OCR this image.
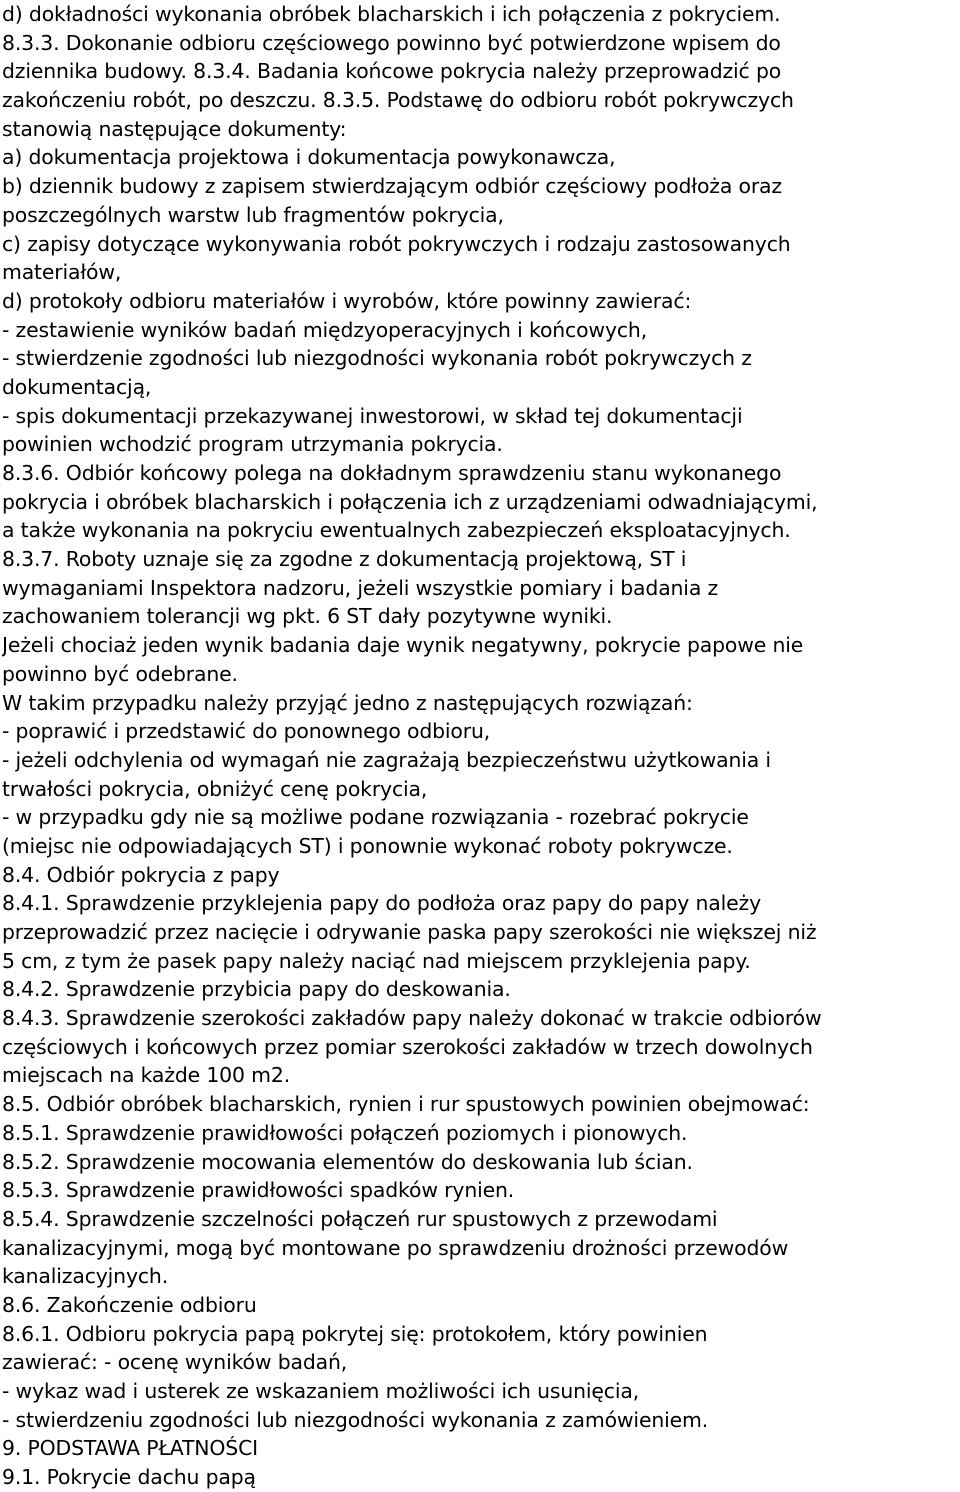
d) dokładności wykonania obróbek blacharskich i ich połączenia z pokryciem.
8.3.3. Dokonanie odbioru częściowego powinno być potwierdzone wpisem do
dziennika budowy. 8.3.4. Badania końcowe pokrycia należy przeprowadzić po
zakończeniu robót, po deszczu. 8.3.5. Podstawę do odbioru robót pokrywczych
stanowią następujące dokumenty:
a) dokumentacja projektowa i dokumentacja powykonawcza,
b) dziennik budowy z zapisem stwierdzającym odbiór częściowy podłoża oraz
poszczególnych warstw lub fragmentów pokrycia,
c) zapisy dotyczące wykonywania robót pokrywczych i rodzaju zastosowanych
materiałów,
d) protokoły odbioru materiałów i wyrobów, które powinny zawierać:
- zestawienie wyników badań międzyoperacyjnych i końcowych,
- stwierdzenie zgodności lub niezgodności wykonania robót pokrywczych z
dokumentacją,
- spis dokumentacji przekazywanej inwestorowi, w skład tej dokumentacji
powinien wchodzić program utrzymania pokrycia.
8.3.6. Odbiór końcowy polega na dokładnym sprawdzeniu stanu wykonanego
pokrycia i obróbek blacharskich i połączenia ich z urządzeniami odwadniającymi,
a także wykonania na pokryciu ewentualnych zabezpieczeń eksploatacyjnych.
8.3.7. Roboty uznaje się za zgodne z dokumentacją projektową, ST i
wymaganiami Inspektora nadzoru, jeżeli wszystkie pomiary i badania z
zachowaniem tolerancji wg pkt. 6 ST dały pozytywne wyniki.
Jeżeli chociaż jeden wynik badania daje wynik negatywny, pokrycie papowe nie
powinno być odebrane.
W takim przypadku należy przyjąć jedno z następujących rozwiązań:
- poprawić i przedstawić do ponownego odbioru,
- jeżeli odchylenia od wymagań nie zagrażają bezpieczeństwu użytkowania i
trwałości pokrycia, obniżyć cenę pokrycia,
- w przypadku gdy nie są możliwe podane rozwiązania - rozebrać pokrycie
(miejsc nie odpowiadających ST) i ponownie wykonać roboty pokrywcze.
8.4. Odbiór pokrycia z papy
8.4.1. Sprawdzenie przyklejenia papy do podłoża oraz papy do papy należy
przeprowadzić przez nacięcie i odrywanie paska papy szerokości nie większej niż
5 cm, z tym że pasek papy należy naciąć nad miejscem przyklejenia papy.
8.4.2. Sprawdzenie przybicia papy do deskowania.
8.4.3. Sprawdzenie szerokości zakładów papy należy dokonać w trakcie odbiorów
częściowych i końcowych przez pomiar szerokości zakładów w trzech dowolnych
miejscach na każde 100 m2.
8.5. Odbiór obróbek blacharskich, rynien i rur spustowych powinien obejmować:
8.5.1. Sprawdzenie prawidłowości połączeń poziomych i pionowych.
8.5.2. Sprawdzenie mocowania elementów do deskowania lub ścian.
8.5.3. Sprawdzenie prawidłowości spadków rynien.
8.5.4. Sprawdzenie szczelności połączeń rur spustowych z przewodami
kanalizacyjnymi, mogą być montowane po sprawdzeniu drożności przewodów
kanalizacyjnych.
8.6. Zakończenie odbioru
8.6.1. Odbioru pokrycia papą pokrytej się: protokołem, który powinien
zawierać: - ocenę wyników badań,
- wykaz wad i usterek ze wskazaniem możliwości ich usunięcia,
- stwierdzeniu zgodności lub niezgodności wykonania z zamówieniem.
9. PODSTAWA PŁATNOŚCI
9.1. Pokrycie dachu papą
